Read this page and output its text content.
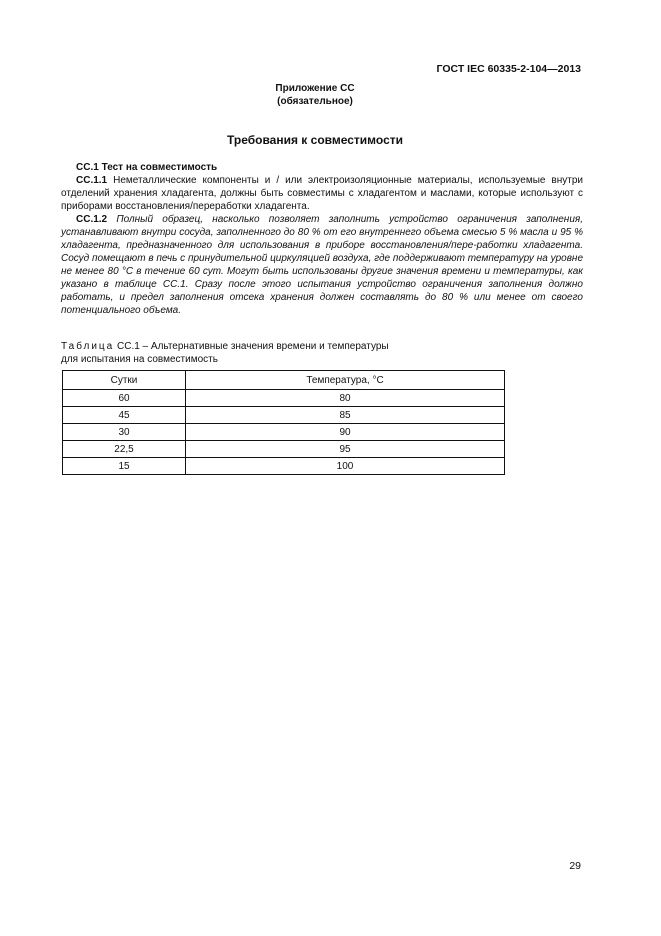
ГОСТ IEC 60335-2-104—2013
Приложение СС
(обязательное)
Требования к совместимости

СС.1 Тест на совместимость

СС.1.1 Неметаллические компоненты и / или электроизоляционные материалы, используемые внутри отделений хранения хладагента, должны быть совместимы с хладагентом и маслами, которые используют с приборами восстановления/переработки хладагента.

СС.1.2 Полный образец, насколько позволяет заполнить устройство ограничения заполнения, устанавливают внутри сосуда, заполненного до 80 % от его внутреннего объема смесью 5 % масла и 95 % хладагента, предназначенного для использования в приборе восстановления/пере-работки хладагента. Сосуд помещают в печь с принудительной циркуляцией воздуха, где поддерживают температуру на уровне не менее 80 °С в течение 60 сут. Могут быть использованы другие значения времени и температуры, как указано в таблице СС.1. Сразу после этого испытания устройство ограничения заполнения должно работать, и предел заполнения отсека хранения должен составлять до 80 % или менее от своего потенциального объема.

Таблица СС.1 – Альтернативные значения времени и температуры
для испытания на совместимость
Сутки	Температура, °С
60	80
45	85
30	90
22,5	95
15	100
29
